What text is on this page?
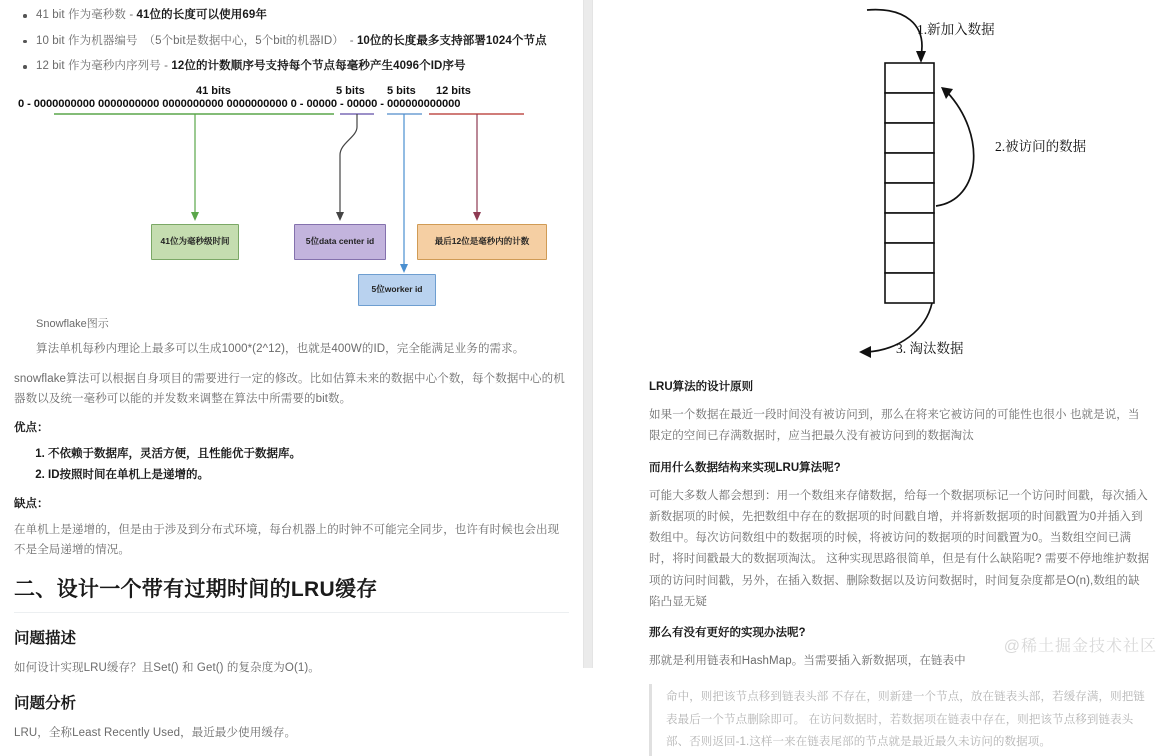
41 bit 作为毫秒数 - 41位的长度可以使用69年
10 bit 作为机器编号　（5个bit是数据中心，5个bit的机器ID）　- 10位的长度最多支持部署1024个节点
12 bit 作为毫秒内序列号 - 12位的计数顺序号支持每个节点每毫秒产生4096个ID序号
41 bits	5 bits 5 bits 12 bits
0 - 0000000000 0000000000 0000000000 0000000000 0 - 00000 - 00000 - 000000000000
41位为毫秒级时间	5位data center id	最后12位是毫秒内的计数
5位worker id
Snowflake图示

算法单机每秒内理论上最多可以生成1000*(2^12)，也就是400W的ID，完全能满足业务的需求。

snowflake算法可以根据自身项目的需要进行一定的修改。比如估算未来的数据中心个数，每个数据中心的机器数以及统一毫秒可以能的并发数来调整在算法中所需要的bit数。

优点：

1. 不依赖于数据库，灵活方便，且性能优于数据库。
2. ID按照时间在单机上是递增的。

缺点：

在单机上是递增的，但是由于涉及到分布式环境，每台机器上的时钟不可能完全同步，也许有时候也会出现不是全局递增的情况。

二、设计一个带有过期时间的LRU缓存
问题描述

如何设计实现LRU缓存？且Set() 和 Get() 的复杂度为O(1)。

问题分析

LRU，全称Least Recently Used，最近最少使用缓存。

1.新加入数据
2.被访问的数据
3. 淘汰数据
LRU算法的设计原则

如果一个数据在最近一段时间没有被访问到，那么在将来它被访问的可能性也很小 也就是说，当限定的空间已存满数据时，应当把最久没有被访问到的数据淘汰

而用什么数据结构来实现LRU算法呢?

可能大多数人都会想到：用一个数组来存储数据，给每一个数据项标记一个访问时间戳，每次插入新数据项的时候，先把数组中存在的数据项的时间戳自增，并将新数据项的时间戳置为0并插入到数组中。每次访问数组中的数据项的时候，将被访问的数据项的时间戳置为0。当数组空间已满时，将时间戳最大的数据项淘汰。 这种实现思路很简单，但是有什么缺陷呢? 需要不停地维护数据项的访问时间戳，另外，在插入数据、删除数据以及访问数据时，时间复杂度都是O(n),数组的缺陷凸显无疑

那么有没有更好的实现办法呢?

那就是利用链表和HashMap。当需要插入新数据项，在链表中

命中，则把该节点移到链表头部 不存在，则新建一个节点，放在链表头部，若缓存满，则把链表最后一个节点删除即可。 在访问数据时，若数据项在链表中存在，则把该节点移到链表头部、否则返回-1.这样一来在链表尾部的节点就是最近最久未访问的数据项。
@稀土掘金技术社区
